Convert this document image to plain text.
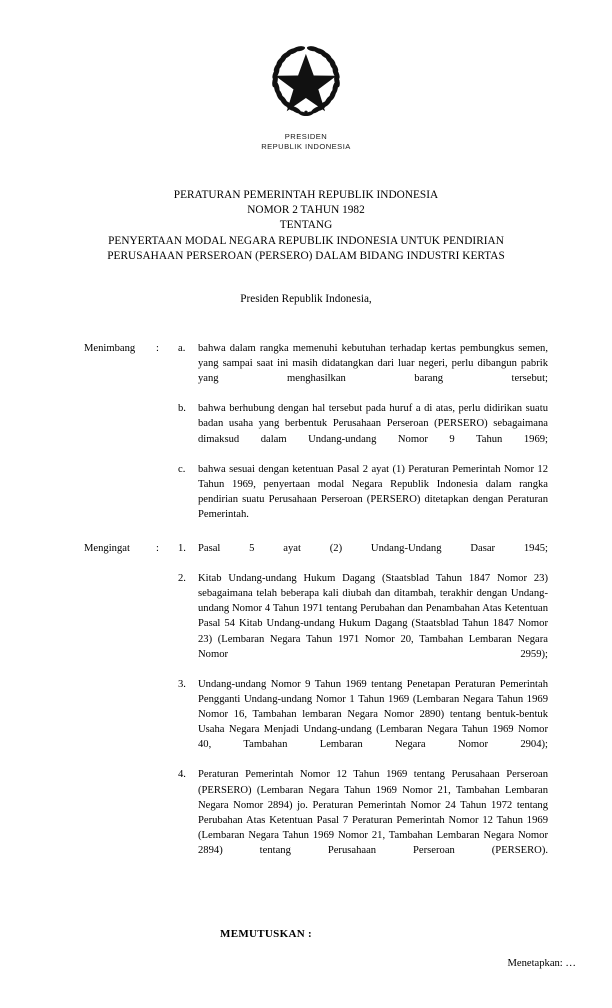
PRESIDEN
REPUBLIK INDONESIA
PERATURAN PEMERINTAH REPUBLIK INDONESIA
NOMOR 2 TAHUN 1982
TENTANG
PENYERTAAN MODAL NEGARA REPUBLIK INDONESIA UNTUK PENDIRIAN
PERUSAHAAN PERSEROAN (PERSERO) DALAM BIDANG INDUSTRI KERTAS
Presiden Republik Indonesia,
Menimbang	:	a.	bahwa dalam rangka memenuhi kebutuhan terhadap kertas pembungkus semen, yang sampai saat ini masih didatangkan dari luar negeri, perlu dibangun pabrik yang menghasilkan barang tersebut;
b.	bahwa berhubung dengan hal tersebut pada huruf a di atas, perlu didirikan suatu badan usaha yang berbentuk Perusahaan Perseroan (PERSERO) sebagaimana dimaksud dalam Undang-undang Nomor 9 Tahun 1969;
c.	bahwa sesuai dengan ketentuan Pasal 2 ayat (1) Peraturan Pemerintah Nomor 12 Tahun 1969, penyertaan modal Negara Republik Indonesia dalam rangka pendirian suatu Perusahaan Perseroan (PERSERO) ditetapkan dengan Peraturan Pemerintah.
Mengingat	:	1.	Pasal 5 ayat (2) Undang-Undang Dasar 1945;
2.	Kitab Undang-undang Hukum Dagang (Staatsblad Tahun 1847 Nomor 23) sebagaimana telah beberapa kali diubah dan ditambah, terakhir dengan Undang-undang Nomor 4 Tahun 1971 tentang Perubahan dan Penambahan Atas Ketentuan Pasal 54 Kitab Undang-undang Hukum Dagang (Staatsblad Tahun 1847 Nomor 23) (Lembaran Negara Tahun 1971 Nomor 20, Tambahan Lembaran Negara Nomor 2959);
3.	Undang-undang Nomor 9 Tahun 1969 tentang Penetapan Peraturan Pemerintah Pengganti Undang-undang Nomor 1 Tahun 1969 (Lembaran Negara Tahun 1969 Nomor 16, Tambahan lembaran Negara Nomor 2890) tentang bentuk-bentuk Usaha Negara Menjadi Undang-undang (Lembaran Negara Tahun 1969 Nomor 40, Tambahan Lembaran Negara Nomor 2904);
4.	Peraturan Pemerintah Nomor 12 Tahun 1969 tentang Perusahaan Perseroan (PERSERO) (Lembaran Negara Tahun 1969 Nomor 21, Tambahan Lembaran Negara Nomor 2894) jo. Peraturan Pemerintah Nomor 24 Tahun 1972 tentang Perubahan Atas Ketentuan Pasal 7 Peraturan Pemerintah Nomor 12 Tahun 1969 (Lembaran Negara Tahun 1969 Nomor 21, Tambahan Lembaran Negara Nomor 2894) tentang Perusahaan Perseroan (PERSERO).
MEMUTUSKAN :
Menetapkan: …
